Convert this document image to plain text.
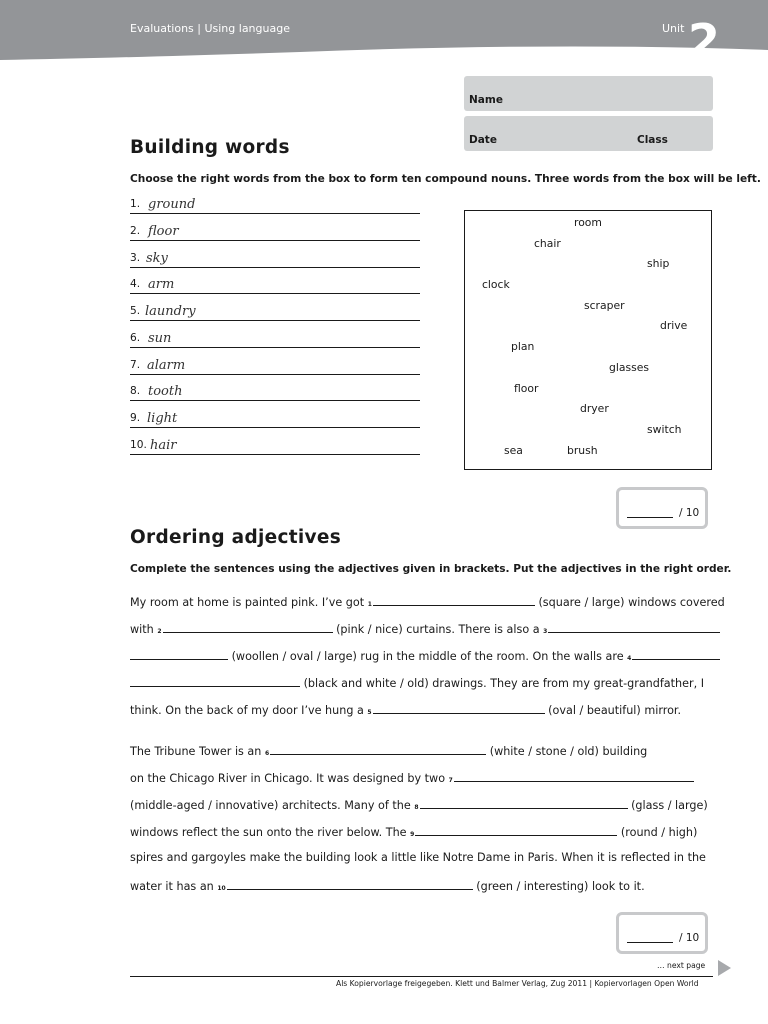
Evaluations | Using language	Unit 2
Name
Date	Class
Building words
Choose the right words from the box to form ten compound nouns. Three words from the box will be left.
1. ground
2. floor
3. sky
4. arm
5. laundry
6. sun
7. alarm
8. tooth
9. light
10. hair
room
chair
ship
clock
scraper
drive
plan
glasses
floor
dryer
switch
sea	brush
/ 10
Ordering adjectives
Complete the sentences using the adjectives given in brackets. Put the adjectives in the right order.
My room at home is painted pink. I’ve got 1	(square / large) windows covered
with 2	(pink / nice) curtains. There is also a 3
(woollen / oval / large) rug in the middle of the room. On the walls are 4
(black and white / old) drawings. They are from my great-grandfather, I
think. On the back of my door I’ve hung a 5	(oval / beautiful) mirror.
The Tribune Tower is an 6	(white / stone / old) building
on the Chicago River in Chicago. It was designed by two 7
(middle-aged / innovative) architects. Many of the 8	(glass / large)
windows reflect the sun onto the river below. The 9	(round / high)
spires and gargoyles make the building look a little like Notre Dame in Paris. When it is reflected in the
water it has an 10	(green / interesting) look to it.
/ 10
… next page
Als Kopiervorlage freigegeben. Klett und Balmer Verlag, Zug 2011 | Kopiervorlagen Open World
